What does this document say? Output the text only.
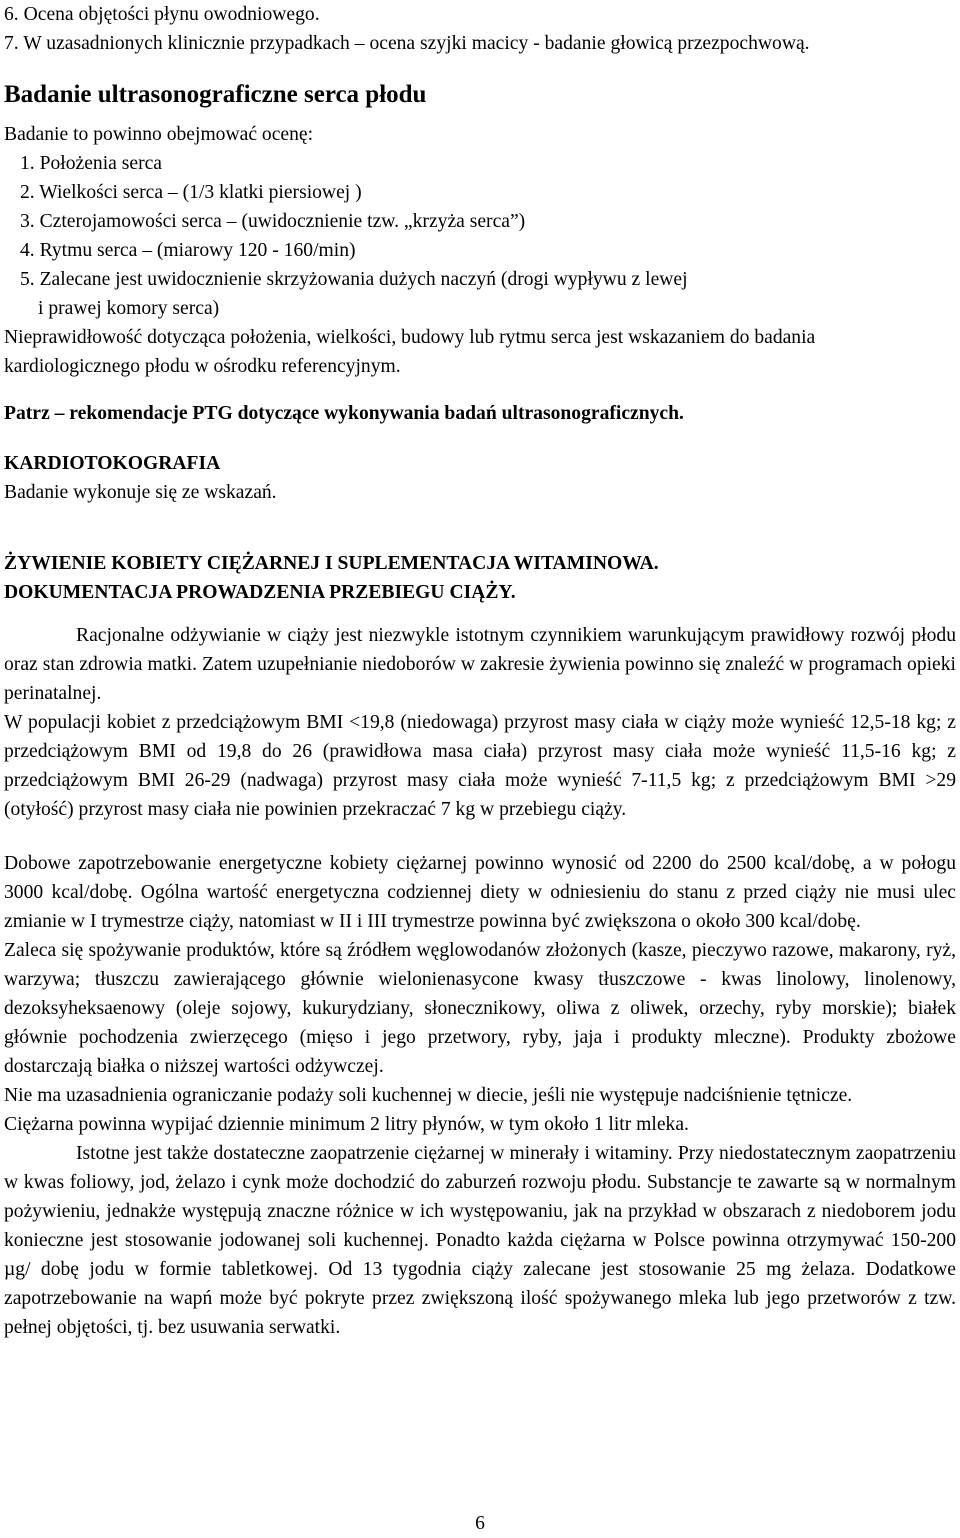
6. Ocena objętości płynu owodniowego.
7. W uzasadnionych klinicznie przypadkach – ocena szyjki macicy - badanie głowicą przezpochwową.
Badanie ultrasonograficzne serca płodu

Badanie to powinno obejmować ocenę:

1. Położenia serca
2. Wielkości serca – (1/3 klatki piersiowej )
3. Czterojamowości serca – (uwidocznienie tzw. „krzyża serca”)
4. Rytmu serca – (miarowy 120 - 160/min)
5. Zalecane jest uwidocznienie skrzyżowania dużych naczyń (drogi wypływu z lewej
i prawej komory serca)

Nieprawidłowość dotycząca położenia, wielkości, budowy lub rytmu serca jest wskazaniem do badania kardiologicznego płodu w ośrodku referencyjnym.

Patrz – rekomendacje PTG dotyczące wykonywania badań ultrasonograficznych.

KARDIOTOKOGRAFIA

Badanie wykonuje się ze wskazań.

ŻYWIENIE KOBIETY CIĘŻARNEJ I SUPLEMENTACJA WITAMINOWA.

DOKUMENTACJA PROWADZENIA PRZEBIEGU CIĄŻY.

Racjonalne odżywianie w ciąży jest niezwykle istotnym czynnikiem warunkującym prawidłowy rozwój płodu oraz stan zdrowia matki. Zatem uzupełnianie niedoborów w zakresie żywienia powinno się znaleźć w programach opieki perinatalnej.

W populacji kobiet z przedciążowym BMI <19,8 (niedowaga) przyrost masy ciała w ciąży może wynieść 12,5-18 kg; z przedciążowym BMI od 19,8 do 26 (prawidłowa masa ciała) przyrost masy ciała może wynieść 11,5-16 kg; z przedciążowym BMI 26-29 (nadwaga) przyrost masy ciała może wynieść 7-11,5 kg; z przedciążowym BMI >29 (otyłość) przyrost masy ciała nie powinien przekraczać 7 kg w przebiegu ciąży.

Dobowe zapotrzebowanie energetyczne kobiety ciężarnej powinno wynosić od 2200 do 2500 kcal/dobę, a w połogu 3000 kcal/dobę. Ogólna wartość energetyczna codziennej diety w odniesieniu do stanu z przed ciąży nie musi ulec zmianie w I trymestrze ciąży, natomiast w II i III trymestrze powinna być zwiększona o około 300 kcal/dobę.

Zaleca się spożywanie produktów, które są źródłem węglowodanów złożonych (kasze, pieczywo razowe, makarony, ryż, warzywa; tłuszczu zawierającego głównie wielonienasycone kwasy tłuszczowe - kwas linolowy, linolenowy, dezoksyheksaenowy (oleje sojowy, kukurydziany, słonecznikowy, oliwa z oliwek, orzechy, ryby morskie); białek głównie pochodzenia zwierzęcego (mięso i jego przetwory, ryby, jaja i produkty mleczne). Produkty zbożowe dostarczają białka o niższej wartości odżywczej.

Nie ma uzasadnienia ograniczanie podaży soli kuchennej w diecie, jeśli nie występuje nadciśnienie tętnicze.

Ciężarna powinna wypijać dziennie minimum 2 litry płynów, w tym około 1 litr mleka.

Istotne jest także dostateczne zaopatrzenie ciężarnej w minerały i witaminy. Przy niedostatecznym zaopatrzeniu w kwas foliowy, jod, żelazo i cynk może dochodzić do zaburzeń rozwoju płodu. Substancje te zawarte są w normalnym pożywieniu, jednakże występują znaczne różnice w ich występowaniu, jak na przykład w obszarach z niedoborem jodu konieczne jest stosowanie jodowanej soli kuchennej. Ponadto każda ciężarna w Polsce powinna otrzymywać 150-200 µg/ dobę jodu w formie tabletkowej. Od 13 tygodnia ciąży zalecane jest stosowanie 25 mg żelaza. Dodatkowe zapotrzebowanie na wapń może być pokryte przez zwiększoną ilość spożywanego mleka lub jego przetworów z tzw. pełnej objętości, tj. bez usuwania serwatki.

6
